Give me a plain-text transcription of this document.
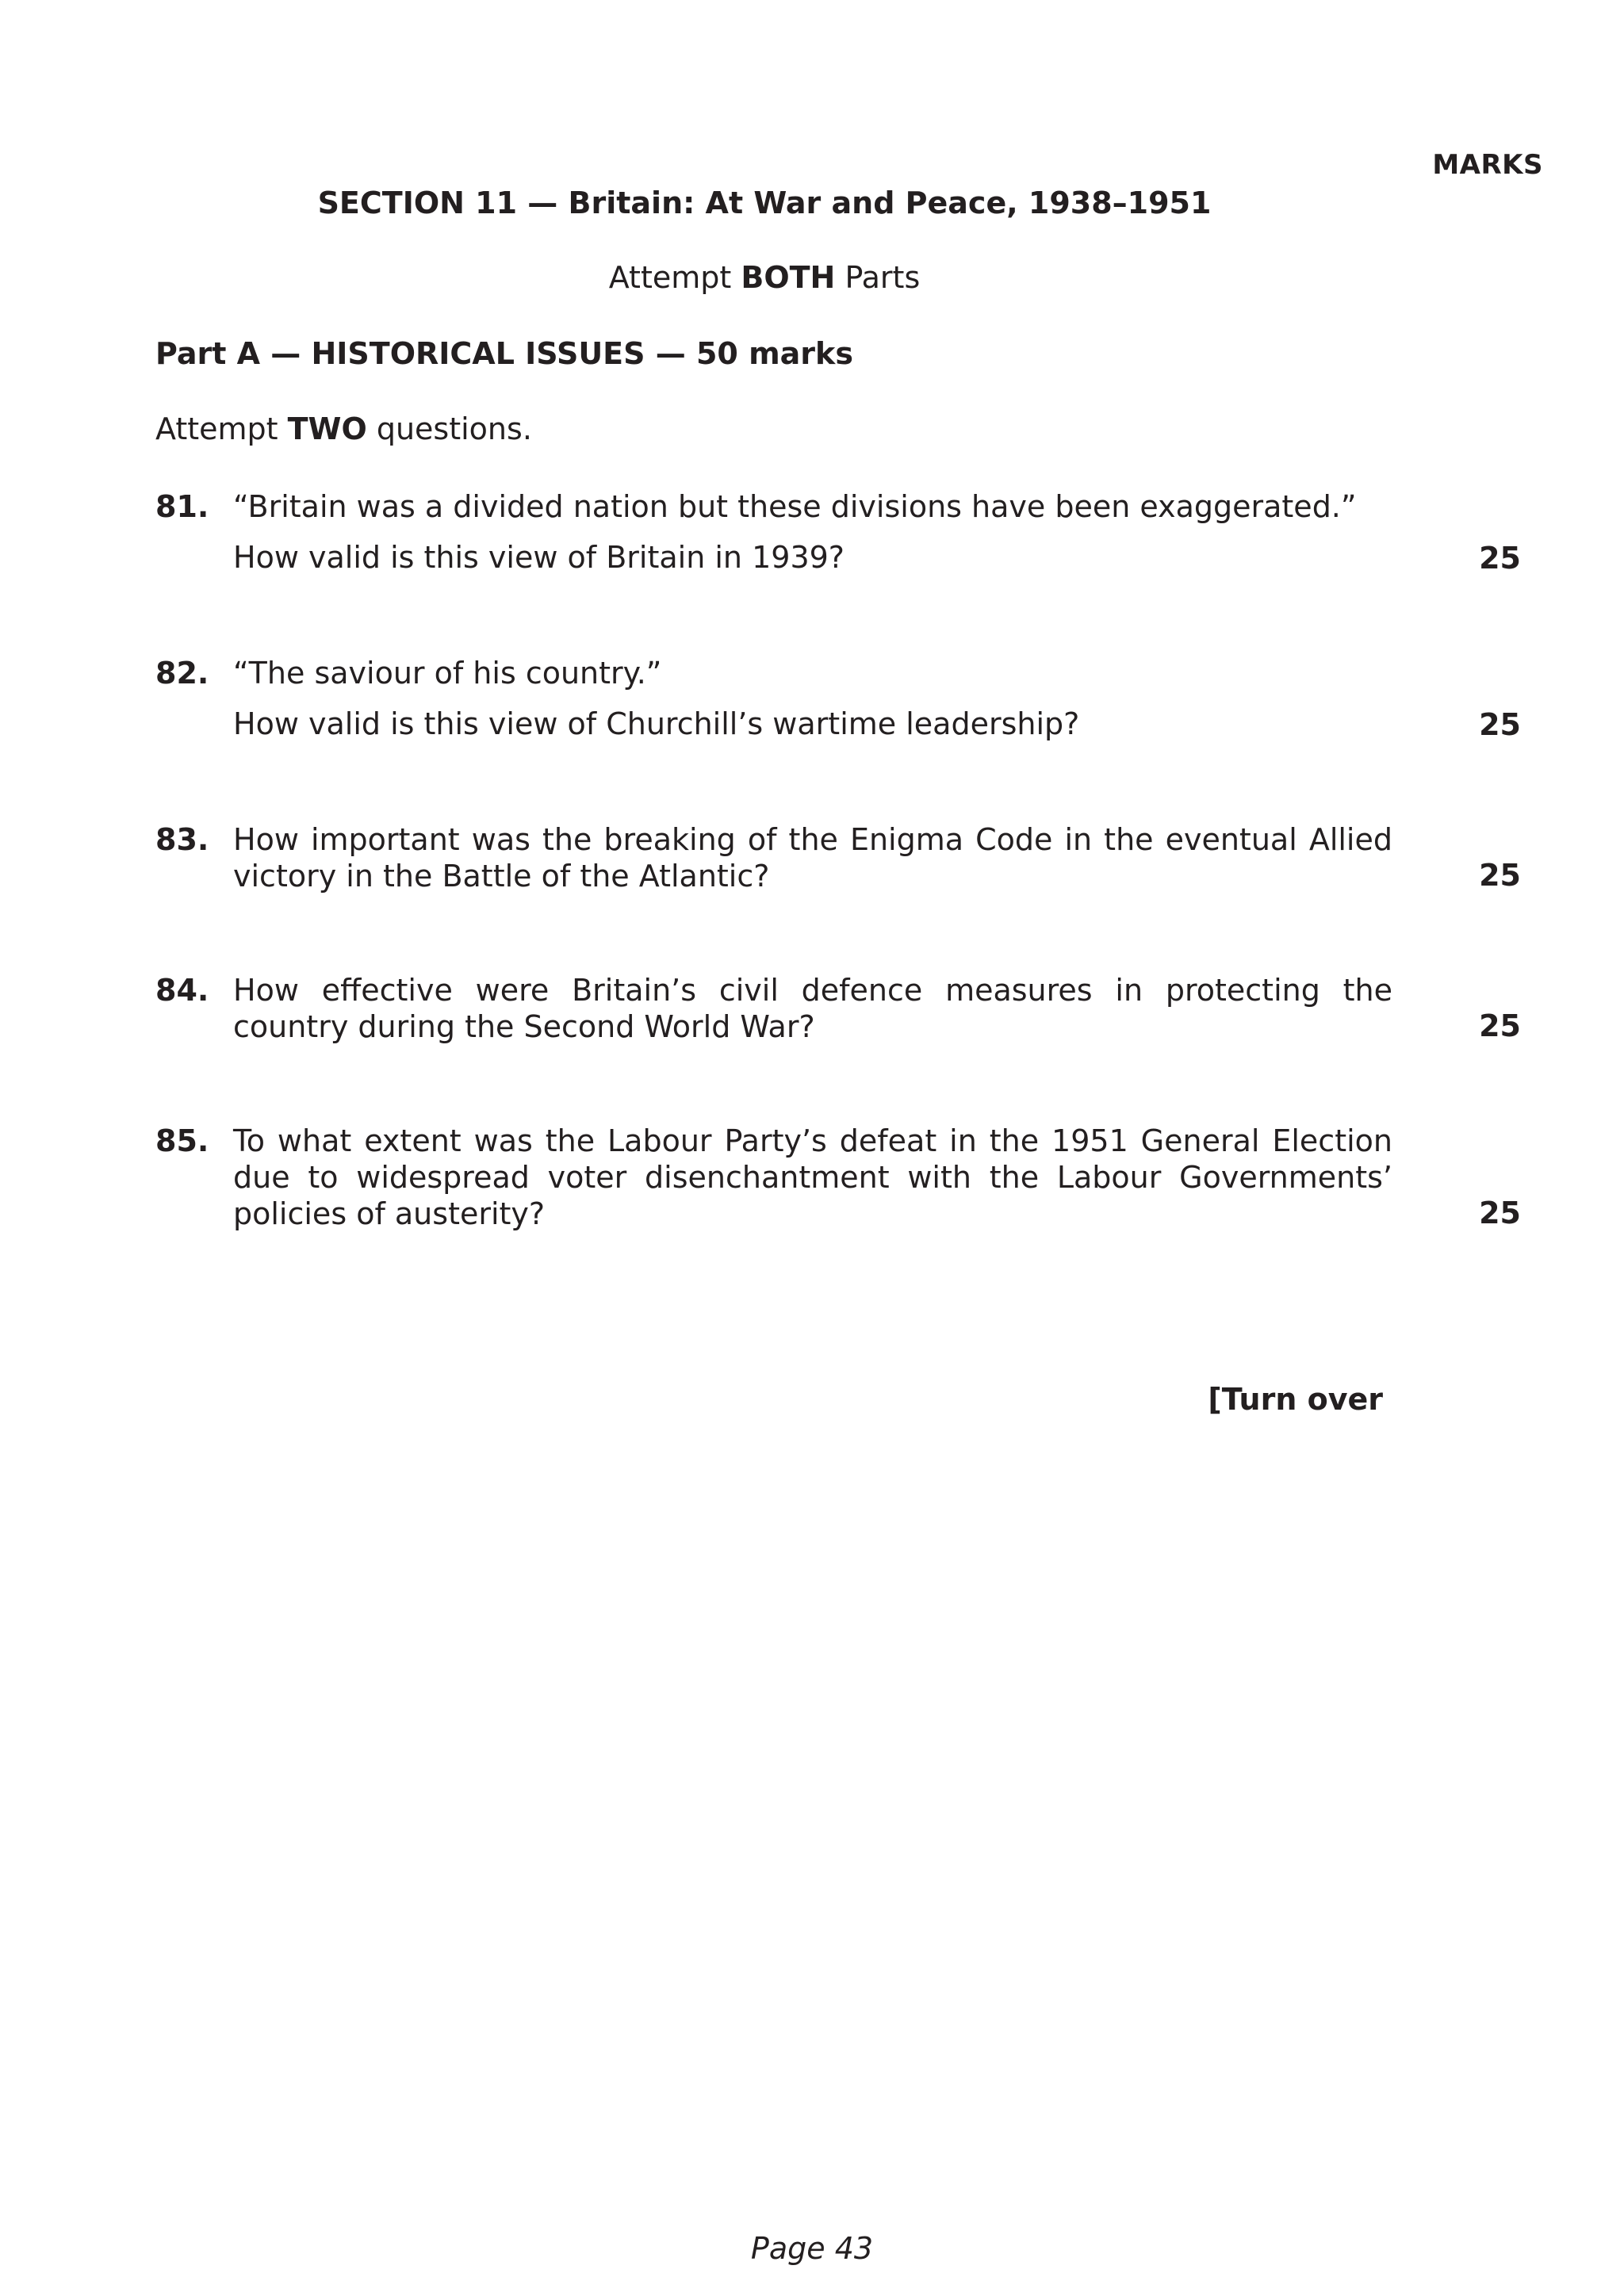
MARKS
SECTION 11 — Britain: At War and Peace, 1938–1951
Attempt BOTH Parts
Part A — HISTORICAL ISSUES — 50 marks
Attempt TWO questions.
81. “Britain was a divided nation but these divisions have been exaggerated.”
How valid is this view of Britain in 1939?	25
82. “The saviour of his country.”
How valid is this view of Churchill’s wartime leadership?	25
83. How important was the breaking of the Enigma Code in the eventual Allied victory in the Battle of the Atlantic?	25
84. How effective were Britain’s civil defence measures in protecting the country during the Second World War?	25
85. To what extent was the Labour Party’s defeat in the 1951 General Election due to widespread voter disenchantment with the Labour Governments’ policies of austerity?	25
[Turn over
Page 43
